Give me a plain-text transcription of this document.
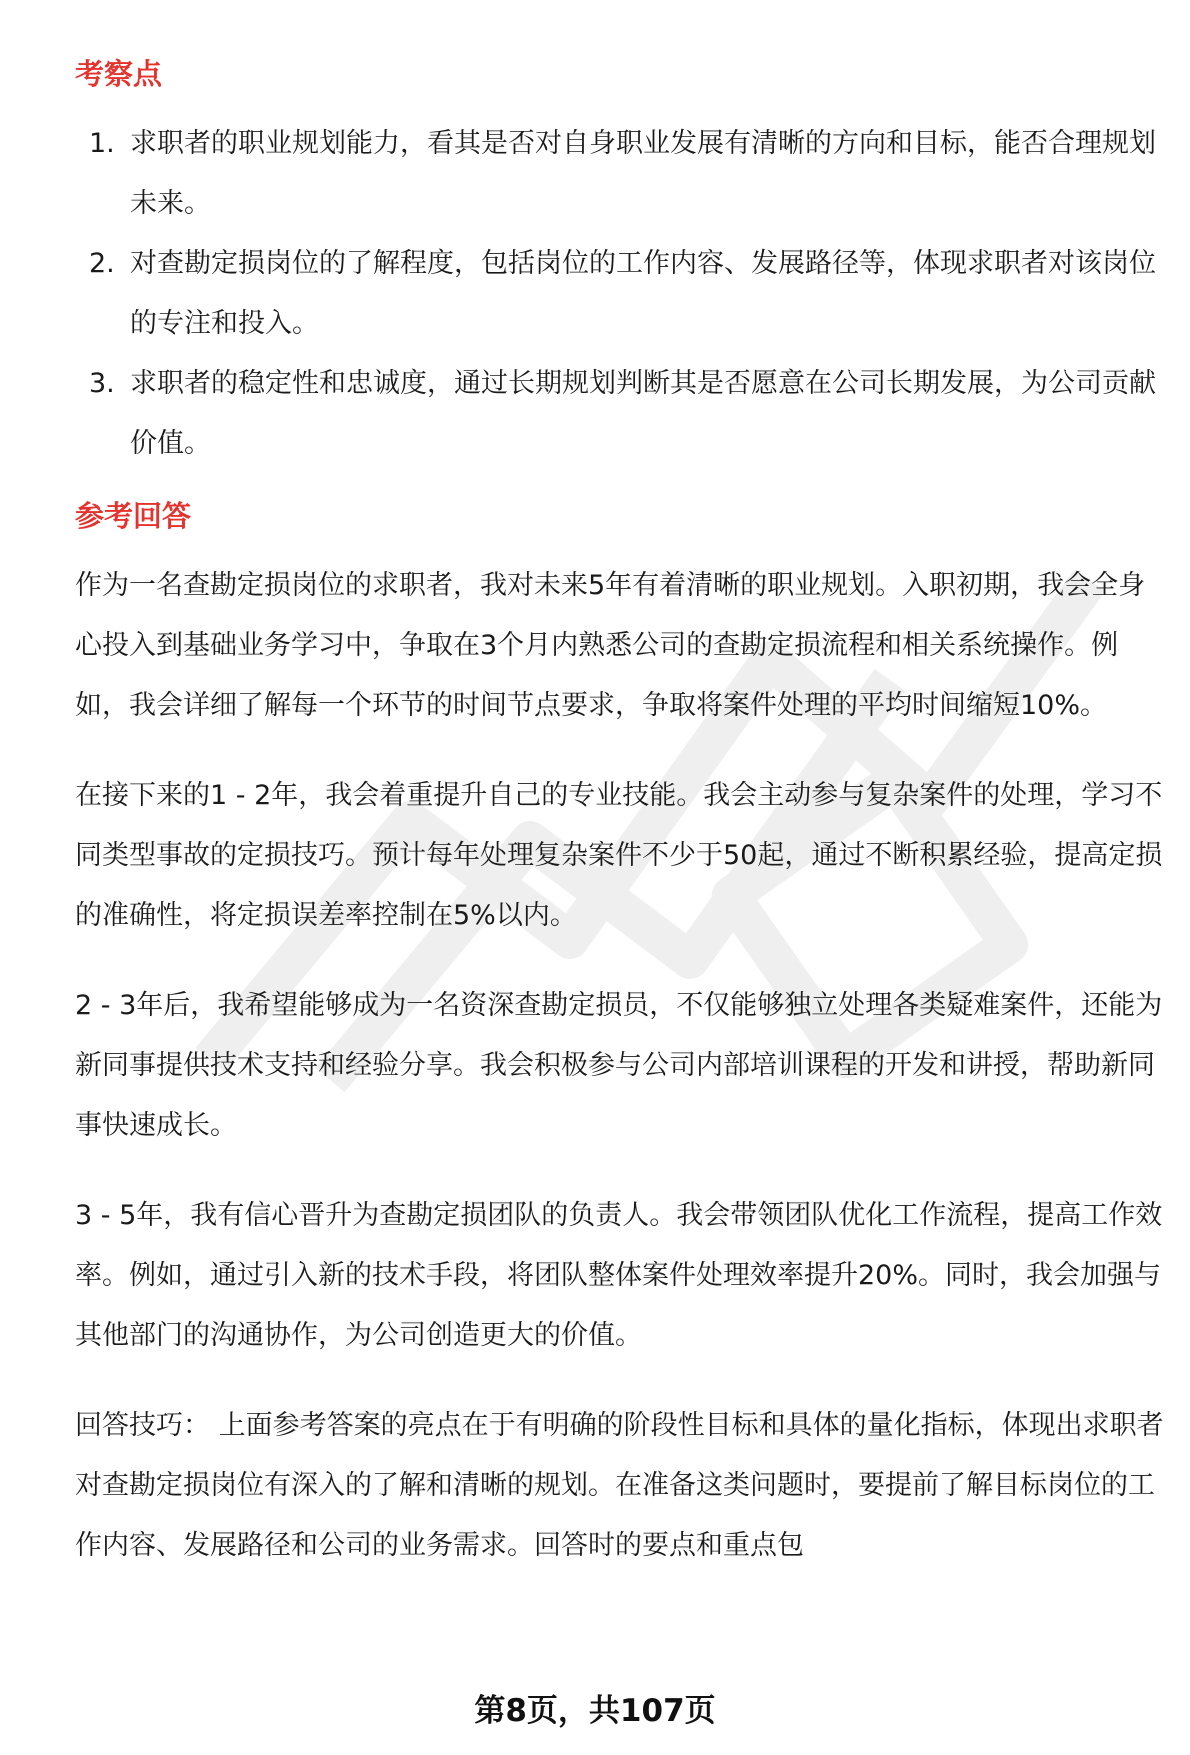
考察点
1. 求职者的职业规划能力，看其是否对自身职业发展有清晰的方向和目标，能否合理规划未来。
2. 对查勘定损岗位的了解程度，包括岗位的工作内容、发展路径等，体现求职者对该岗位的专注和投入。
3. 求职者的稳定性和忠诚度，通过长期规划判断其是否愿意在公司长期发展，为公司贡献价值。
参考回答

作为一名查勘定损岗位的求职者，我对未来5年有着清晰的职业规划。入职初期，我会全身心投入到基础业务学习中，争取在3个月内熟悉公司的查勘定损流程和相关系统操作。例如，我会详细了解每一个环节的时间节点要求，争取将案件处理的平均时间缩短10%。

在接下来的1 - 2年，我会着重提升自己的专业技能。我会主动参与复杂案件的处理，学习不同类型事故的定损技巧。预计每年处理复杂案件不少于50起，通过不断积累经验，提高定损的准确性，将定损误差率控制在5%以内。

2 - 3年后，我希望能够成为一名资深查勘定损员，不仅能够独立处理各类疑难案件，还能为新同事提供技术支持和经验分享。我会积极参与公司内部培训课程的开发和讲授，帮助新同事快速成长。

3 - 5年，我有信心晋升为查勘定损团队的负责人。我会带领团队优化工作流程，提高工作效率。例如，通过引入新的技术手段，将团队整体案件处理效率提升20%。同时，我会加强与其他部门的沟通协作，为公司创造更大的价值。

回答技巧： 上面参考答案的亮点在于有明确的阶段性目标和具体的量化指标，体现出求职者对查勘定损岗位有深入的了解和清晰的规划。在准备这类问题时，要提前了解目标岗位的工作内容、发展路径和公司的业务需求。回答时的要点和重点包

第8页，共107页
